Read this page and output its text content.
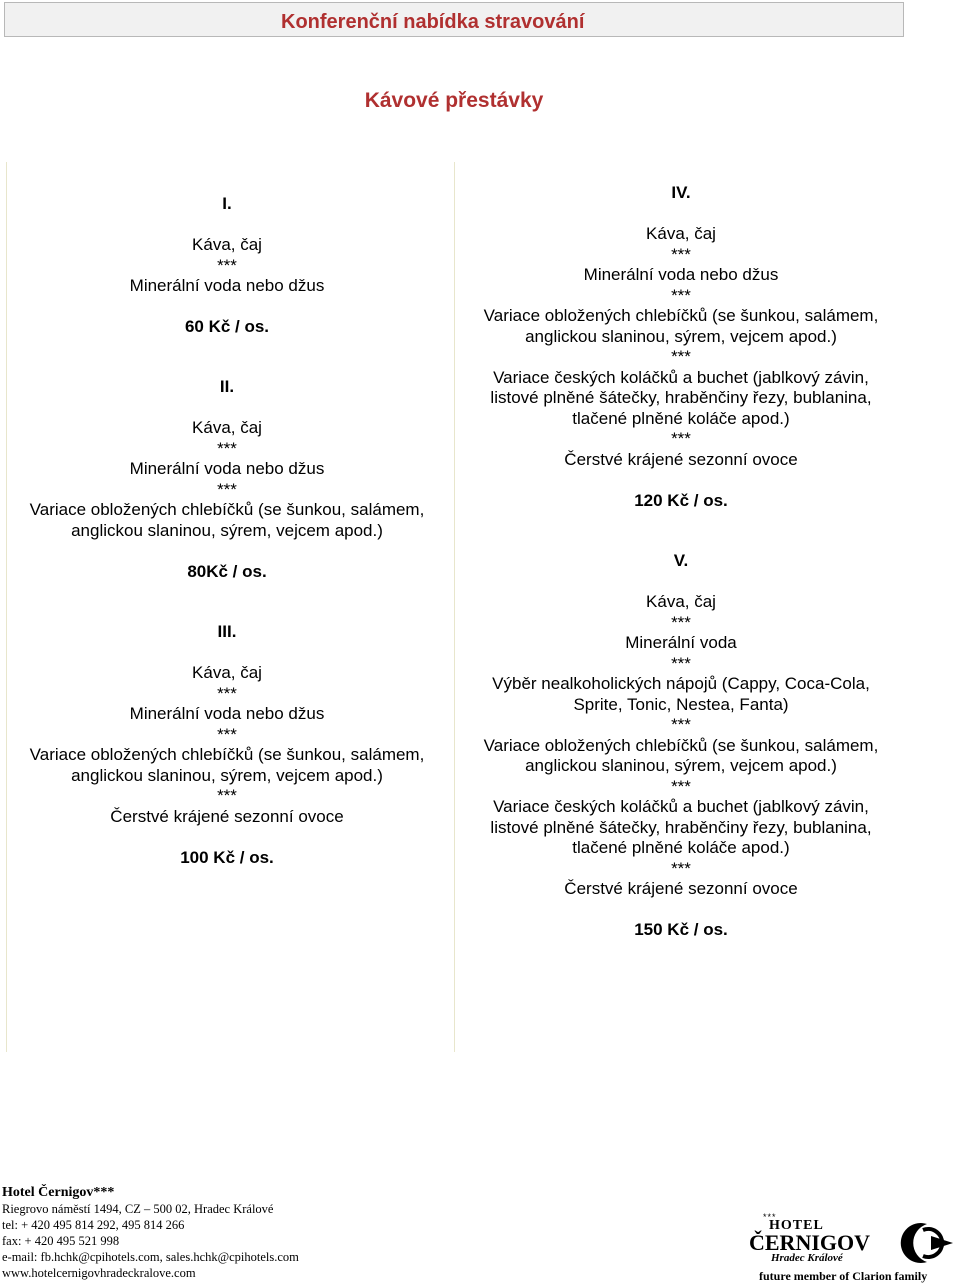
Konferenční nabídka stravování
Kávové přestávky
I.
Káva, čaj
***
Minerální voda nebo džus
60 Kč / os.
II.
Káva, čaj
***
Minerální voda nebo džus
***
Variace obložených chlebíčků (se šunkou, salámem,
anglickou slaninou, sýrem, vejcem apod.)
80Kč / os.
III.
Káva, čaj
***
Minerální voda nebo džus
***
Variace obložených chlebíčků (se šunkou, salámem,
anglickou slaninou, sýrem, vejcem apod.)
***
Čerstvé krájené sezonní ovoce
100 Kč / os.
IV.
Káva, čaj
***
Minerální voda nebo džus
***
Variace obložených chlebíčků (se šunkou, salámem,
anglickou slaninou, sýrem, vejcem apod.)
***
Variace českých koláčků a buchet (jablkový závin,
listové plněné šátečky, hraběnčiny řezy, bublanina,
tlačené plněné koláče apod.)
***
Čerstvé krájené sezonní ovoce
120 Kč / os.
V.
Káva, čaj
***
Minerální voda
***
Výběr nealkoholických nápojů (Cappy, Coca-Cola,
Sprite, Tonic, Nestea, Fanta)
***
Variace obložených chlebíčků (se šunkou, salámem,
anglickou slaninou, sýrem, vejcem apod.)
***
Variace českých koláčků a buchet (jablkový závin,
listové plněné šátečky, hraběnčiny řezy, bublanina,
tlačené plněné koláče apod.)
***
Čerstvé krájené sezonní ovoce
150 Kč / os.
Hotel Černigov***
Riegrovo náměstí 1494, CZ – 500 02, Hradec Králové
tel: + 420 495 814 292, 495 814 266
fax: + 420 495 521 998
e-mail: fb.hchk@cpihotels.com, sales.hchk@cpihotels.com
www.hotelcernigovhradeckralove.com
***
HOTEL
ČERNIGOV
Hradec Králové
future member of Clarion family
